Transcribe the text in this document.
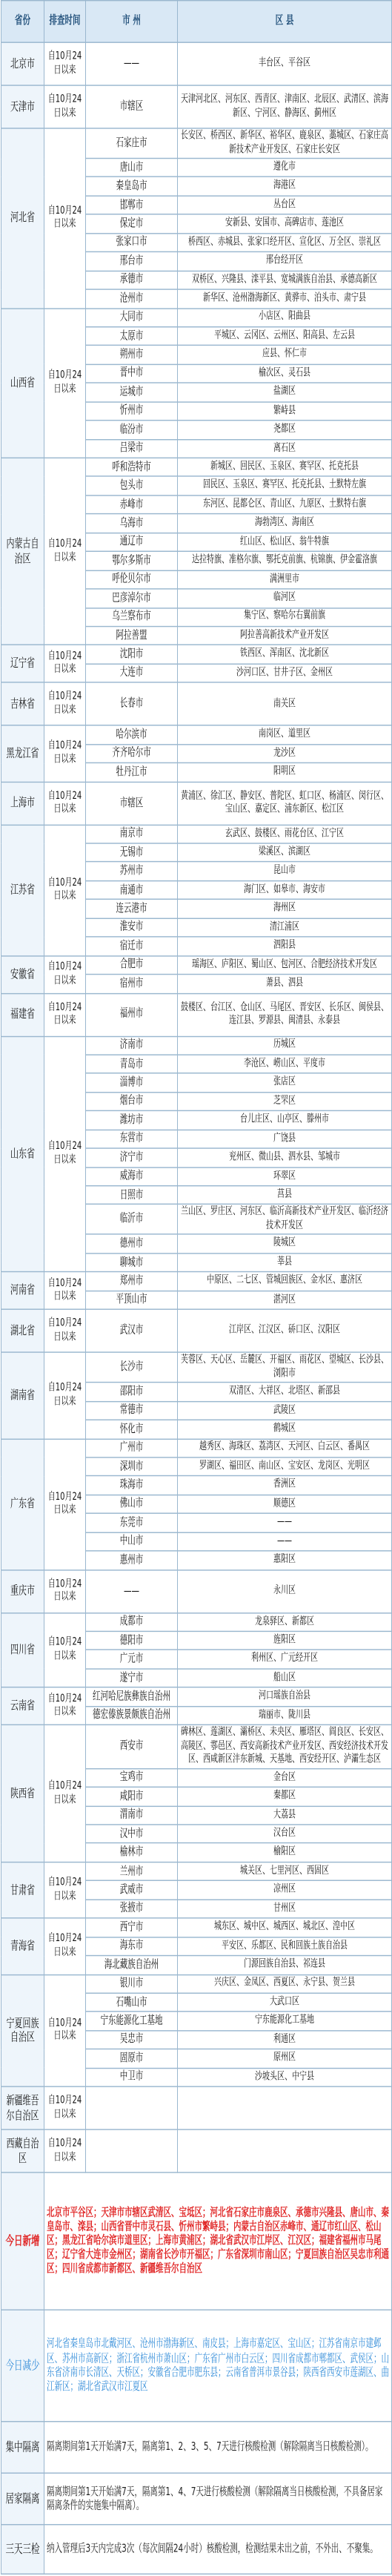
省份	排查时间	市 州	区 县
北京市	自10月24日以来	——	丰台区、平谷区
天津市	自10月24日以来	市辖区	天津河北区、河东区、西青区、津南区、北辰区、武清区、滨海新区、宁河区、静海区、蓟州区
河北省	自10月24日以来	石家庄市	长安区、桥西区、新华区、裕华区、鹿泉区、藁城区、石家庄高新技术产业开发区、石家庄长安区
		唐山市	遵化市
		秦皇岛市	海港区
		邯郸市	丛台区
		保定市	安新县、安国市、高碑店市、莲池区
		张家口市	桥西区、赤城县、张家口经开区、宣化区、万全区、崇礼区
		邢台市	邢台经开区
		承德市	双桥区、兴隆县、滦平县、宽城满族自治县、承德高新区
		沧州市	新华区、沧州渤海新区、黄骅市、泊头市、肃宁县
山西省	自10月24日以来	大同市	小店区、阳曲县
		太原市	平城区、云冈区、云州区、阳高县、左云县
		朔州市	应县、怀仁市
		晋中市	榆次区、灵石县
		运城市	盐湖区
		忻州市	繁峙县
		临汾市	尧都区
		吕梁市	离石区
内蒙古自治区	自10月24日以来	呼和浩特市	新城区、回民区、玉泉区、赛罕区、托克托县
		包头市	回民区、玉泉区、赛罕区、托克托县、土默特左旗
		赤峰市	东河区、昆都仑区、青山区、九原区、土默特右旗
		乌海市	海勃湾区、海南区
		通辽市	红山区、松山区、翁牛特旗
		鄂尔多斯市	达拉特旗、准格尔旗、鄂托克前旗、杭锦旗、伊金霍洛旗
		呼伦贝尔市	满洲里市
		巴彦淖尔市	临河区
		乌兰察布市	集宁区、察哈尔右翼前旗
		阿拉善盟	阿拉善高新技术产业开发区
辽宁省	自10月24日以来	沈阳市	铁西区、浑南区、沈北新区
		大连市	沙河口区、甘井子区、金州区
吉林省	自10月24日以来	长春市	南关区
黑龙江省	自10月24日以来	哈尔滨市	南岗区、道里区
		齐齐哈尔市	龙沙区
		牡丹江市	阳明区
上海市	自10月24日以来	市辖区	黄浦区、徐汇区、静安区、普陀区、虹口区、杨浦区、闵行区、宝山区、嘉定区、浦东新区、松江区
江苏省	自10月24日以来	南京市	玄武区、鼓楼区、雨花台区、江宁区
		无锡市	梁溪区、滨湖区
		苏州市	昆山市
		南通市	海门区、如皋市、海安市
		连云港市	海州区
		淮安市	清江浦区
		宿迁市	泗阳县
安徽省	自10月24日以来	合肥市	瑶海区、庐阳区、蜀山区、包河区、合肥经济技术开发区
		宿州市	萧县、泗县
福建省	自10月24日以来	福州市	鼓楼区、台江区、仓山区、马尾区、晋安区、长乐区、闽侯县、连江县、罗源县、闽清县、永泰县
山东省	自10月24日以来	济南市	历城区
		青岛市	李沧区、崂山区、平度市
		淄博市	张店区
		烟台市	芝罘区
		潍坊市	台儿庄区、山亭区、滕州市
		东营市	广饶县
		济宁市	兖州区、微山县、泗水县、邹城市
		威海市	环翠区
		日照市	莒县
		临沂市	兰山区、罗庄区、河东区、临沂高新技术产业开发区、临沂经济技术开发区
		德州市	陵城区
		聊城市	莘县
河南省	自10月24日以来	郑州市	中原区、二七区、管城回族区、金水区、惠济区
		平顶山市	湛河区
湖北省	自10月24日以来	武汉市	江岸区、江汉区、硚口区、汉阳区
湖南省	自10月24日以来	长沙市	芙蓉区、天心区、岳麓区、开福区、雨花区、望城区、长沙县、浏阳市
		邵阳市	双清区、大祥区、北塔区、新邵县
		常德市	武陵区
		怀化市	鹤城区
广东省	自10月24日以来	广州市	越秀区、海珠区、荔湾区、天河区、白云区、番禺区
		深圳市	罗湖区、福田区、南山区、宝安区、龙岗区、光明区
		珠海市	香洲区
		佛山市	顺德区
		东莞市	——
		中山市	——
		惠州市	惠阳区
重庆市	自10月24日以来	——	永川区
四川省	自10月24日以来	成都市	龙泉驿区、新都区
		德阳市	旌阳区
		广元市	利州区、广元经开区
		遂宁市	船山区
云南省	自10月24日以来	红河哈尼族彝族自治州	河口瑶族自治县
		德宏傣族景颇族自治州	瑞丽市、陇川县
陕西省	自10月24日以来	西安市	碑林区、莲湖区、灞桥区、未央区、雁塔区、阎良区、长安区、高陵区、鄠邑区、西安高新技术产业开发区、西安经济技术开发区、西咸新区沣东新城、天基地、西安经开区、泸灞生态区
		宝鸡市	金台区
		咸阳市	秦都区
		渭南市	大荔县
		汉中市	汉台区
		榆林市	榆阳区
甘肃省	自10月24日以来	兰州市	城关区、七里河区、西固区
		武威市	凉州区
		张掖市	甘州区
青海省	自10月24日以来	西宁市	城东区、城中区、城西区、城北区、湟中区
		海东市	平安区、乐都区、民和回族土族自治县
		海北藏族自治州	门源回族自治县、祁连县
宁夏回族自治区	自10月24日以来	银川市	兴庆区、金凤区、西夏区、永宁县、贺兰县
		石嘴山市	大武口区
		宁东能源化工基地	宁东能源化工基地
		吴忠市	利通区
		固原市	原州区
		中卫市	沙坡头区、中宁县
新疆维吾尔自治区	自10月24日以来		
西藏自治区	自10月24日以来		
今日新增	北京市平谷区；天津市市辖区武清区、宝坻区；河北省石家庄市鹿泉区、承德市兴隆县、唐山市、秦皇岛市、滦县；山西省晋中市灵石县、忻州市繁峙县；内蒙古自治区赤峰市、通辽市红山区、松山区；黑龙江省哈尔滨市道里区；上海市黄浦区；湖北省武汉市江岸区、江汉区；福建省福州市马尾区；辽宁省大连市金州区；湖南省长沙市开福区；广东省深圳市南山区；宁夏回族自治区吴忠市利通区；四川省成都市新都区、新疆维吾尔自治区		
今日减少	河北省秦皇岛市北戴河区、沧州市渤海新区、南皮县；上海市嘉定区、宝山区；江苏省南京市建邺区、苏州市高新区；浙江省杭州市萧山区；广东省广州市白云区；四川省成都市郫都区、武侯区；山东省济南市长清区、天桥区；安徽省合肥市肥东县；云南省普洱市景谷县；陕西省西安市莲湖区、曲江新区；湖北省武汉市江夏区		
集中隔离	隔离期间第1天开始满7天，隔离第1、2、3、5、7天进行核酸检测（解除隔离当日核酸检测）。		
居家隔离	隔离期间第1天开始满7天，隔离第1、4、7天进行核酸检测（解除隔离当日核酸检测，不具备居家隔离条件的实施集中隔离）。		
三天三检	纳入管理后3天内完成3次（每次间隔24小时）核酸检测，检测结果未出之前，不外出、不聚集。		
